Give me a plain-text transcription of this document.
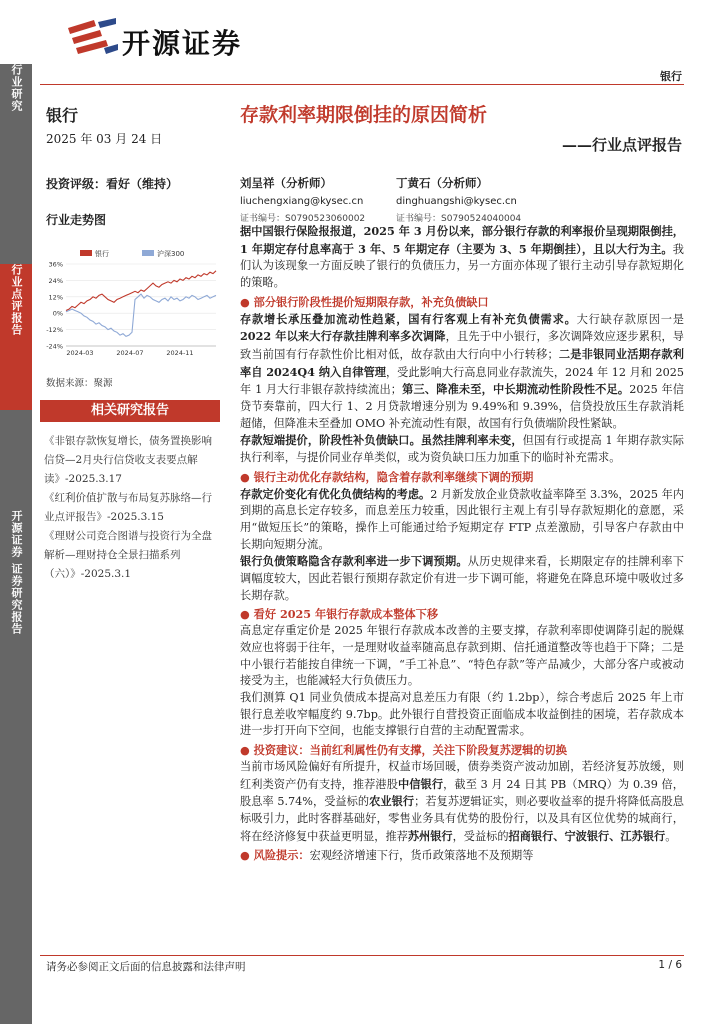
行业研究
行业点评报告
开源证券 证券研究报告
开源证券
银行
银行
2025 年 03 月 24 日
投资评级：看好（维持）
行业走势图
银行	沪深300
36%
24%
12%
0%
-12%
-24%
2024-03	2024-07	2024-11
数据来源：聚源
相关研究报告
《非银存款恢复增长，债务置换影响信贷—2月央行信贷收支表要点解读》-2025.3.17
《红利价值扩散与布局复苏脉络—行业点评报告》-2025.3.15
《理财公司竞合图谱与投资行为全盘解析—理财持仓全景扫描系列（六）》-2025.3.1
存款利率期限倒挂的原因简析
——行业点评报告
刘呈祥（分析师）
liuchengxiang@kysec.cn
证书编号：S0790523060002
丁黄石（分析师）
dinghuangshi@kysec.cn
证书编号：S0790524040004

据中国银行保险报报道，2025 年 3 月份以来，部分银行存款的利率报价呈现期限倒挂，1 年期定存付息率高于 3 年、5 年期定存（主要为 3、5 年期倒挂），且以大行为主。我们认为该现象一方面反映了银行的负债压力，另一方面亦体现了银行主动引导存款短期化的策略。

● 部分银行阶段性提价短期限存款，补充负债缺口

存款增长承压叠加流动性趋紧，国有行客观上有补充负债需求。大行缺存款原因一是2022 年以来大行存款挂牌利率多次调降，且先于中小银行，多次调降效应逐步累积，导致当前国有行存款性价比相对低，故存款由大行向中小行转移；二是非银同业活期存款利率自 2024Q4 纳入自律管理，受此影响大行高息同业存款流失，2024 年 12 月和 2025 年 1 月大行非银存款持续流出；第三、降准未至，中长期流动性阶段性不足。2025 年信贷节奏靠前，四大行 1、2 月贷款增速分别为 9.49%和 9.39%，信贷投放压生存款消耗超储，但降准未至叠加 OMO 补充流动性有限，故国有行负债端阶段性紧缺。

存款短端提价，阶段性补负债缺口。虽然挂牌利率未变，但国有行或提高 1 年期存款实际执行利率，与提价同业存单类似，或为资负缺口压力加重下的临时补充需求。

● 银行主动优化存款结构，隐含着存款利率继续下调的预期

存款定价变化有优化负债结构的考虑。2 月新发放企业贷款收益率降至 3.3%，2025 年内到期的高息长定存较多，而息差压力较重，因此银行主观上有引导存款短期化的意愿，采用“做短压长”的策略，操作上可能通过给予短期定存 FTP 点差激励，引导客户存款由中长期向短期分流。

银行负债策略隐含存款利率进一步下调预期。从历史规律来看，长期限定存的挂牌利率下调幅度较大，因此若银行预期存款定价有进一步下调可能，将避免在降息环境中吸收过多长期存款。

● 看好 2025 年银行存款成本整体下移

高息定存重定价是 2025 年银行存款成本改善的主要支撑，存款利率即使调降引起的脱媒效应也将弱于往年，一是理财收益率随高息存款到期、信托通道整改等也趋于下降；二是中小银行若能按自律统一下调，“手工补息”、“特色存款”等产品减少，大部分客户或被动接受为主，也能减轻大行负债压力。

我们测算 Q1 同业负债成本提高对息差压力有限（约 1.2bp），综合考虑后 2025 年上市银行息差收窄幅度约 9.7bp。此外银行自营投资正面临成本收益倒挂的困境，若存款成本进一步打开向下空间，也能支撑银行自营的主动配置需求。

● 投资建议：当前红利属性仍有支撑，关注下阶段复苏逻辑的切换

当前市场风险偏好有所提升，权益市场回暖，债券类资产波动加剧，若经济复苏放缓，则红利类资产仍有支持，推荐港股中信银行，截至 3 月 24 日其 PB（MRQ）为 0.39 倍，股息率 5.74%，受益标的农业银行；若复苏逻辑证实，则必要收益率的提升将降低高股息标吸引力，此时客群基础好，零售业务具有优势的股份行，以及具有区位优势的城商行，将在经济修复中获益更明显，推荐苏州银行，受益标的招商银行、宁波银行、江苏银行。

● 风险提示：宏观经济增速下行，货币政策落地不及预期等

请务必参阅正文后面的信息披露和法律声明	1 / 6
